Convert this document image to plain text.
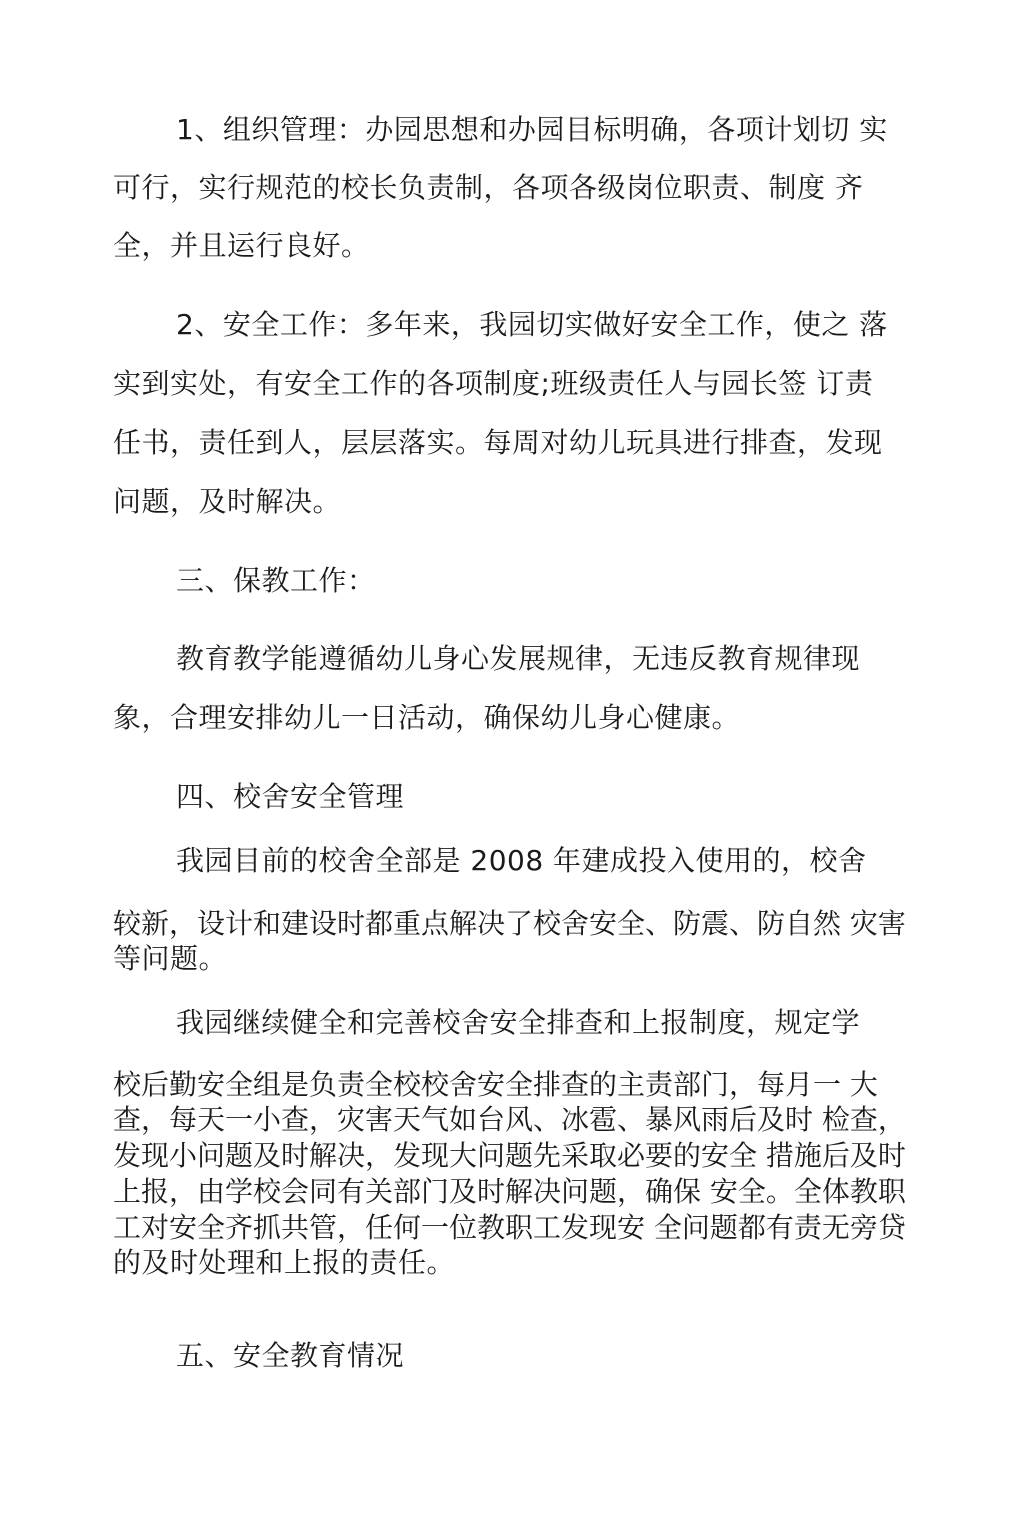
1、组织管理：办园思想和办园目标明确，各项计划切 实
可行，实行规范的校长负责制，各项各级岗位职责、制度 齐
全，并且运行良好。
2、安全工作：多年来，我园切实做好安全工作，使之 落
实到实处，有安全工作的各项制度;班级责任人与园长签 订责
任书，责任到人，层层落实。每周对幼儿玩具进行排查，发现
问题，及时解决。
三、保教工作：
教育教学能遵循幼儿身心发展规律，无违反教育规律现
象，合理安排幼儿一日活动，确保幼儿身心健康。
四、校舍安全管理
我园目前的校舍全部是 2008 年建成投入使用的，校舍
较新，设计和建设时都重点解决了校舍安全、防震、防自然 灾害
等问题。
我园继续健全和完善校舍安全排查和上报制度，规定学
校后勤安全组是负责全校校舍安全排查的主责部门，每月一 大
查，每天一小查，灾害天气如台风、冰雹、暴风雨后及时 检查，
发现小问题及时解决，发现大问题先采取必要的安全 措施后及时
上报，由学校会同有关部门及时解决问题，确保 安全。全体教职
工对安全齐抓共管，任何一位教职工发现安 全问题都有责无旁贷
的及时处理和上报的责任。
五、安全教育情况
